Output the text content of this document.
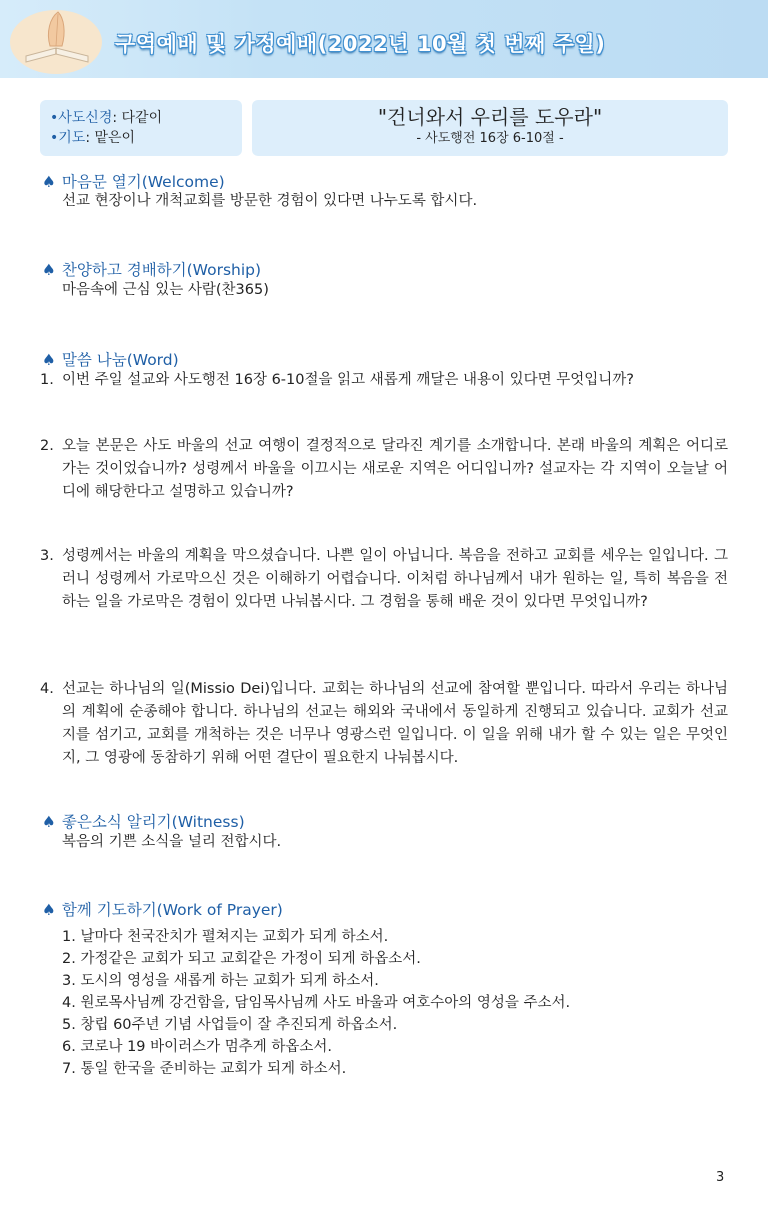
구역예배 및 가정예배(2022년 10월 첫 번째 주일)
•사도신경: 다같이
•기도: 맡은이
"건너와서 우리를 도우라"
- 사도행전 16장 6-10절 -
♠ 마음문 열기(Welcome)
선교 현장이나 개척교회를 방문한 경험이 있다면 나누도록 합시다.
♠ 찬양하고 경배하기(Worship)
마음속에 근심 있는 사람(찬365)
♠ 말씀 나눔(Word)
1. 이번 주일 설교와 사도행전 16장 6-10절을 읽고 새롭게 깨달은 내용이 있다면 무엇입니까?
2. 오늘 본문은 사도 바울의 선교 여행이 결정적으로 달라진 계기를 소개합니다. 본래 바울의 계획은 어디로 가는 것이었습니까? 성령께서 바울을 이끄시는 새로운 지역은 어디입니까? 설교자는 각 지역이 오늘날 어디에 해당한다고 설명하고 있습니까?
3. 성령께서는 바울의 계획을 막으셨습니다. 나쁜 일이 아닙니다. 복음을 전하고 교회를 세우는 일입니다. 그러니 성령께서 가로막으신 것은 이해하기 어렵습니다. 이처럼 하나님께서 내가 원하는 일, 특히 복음을 전하는 일을 가로막은 경험이 있다면 나눠봅시다. 그 경험을 통해 배운 것이 있다면 무엇입니까?
4. 선교는 하나님의 일(Missio Dei)입니다. 교회는 하나님의 선교에 참여할 뿐입니다. 따라서 우리는 하나님의 계획에 순종해야 합니다. 하나님의 선교는 해외와 국내에서 동일하게 진행되고 있습니다. 교회가 선교지를 섬기고, 교회를 개척하는 것은 너무나 영광스런 일입니다. 이 일을 위해 내가 할 수 있는 일은 무엇인지, 그 영광에 동참하기 위해 어떤 결단이 필요한지 나눠봅시다.
♠ 좋은소식 알리기(Witness)
복음의 기쁜 소식을 널리 전합시다.
♠ 함께 기도하기(Work of Prayer)
1. 날마다 천국잔치가 펼쳐지는 교회가 되게 하소서.
2. 가정같은 교회가 되고 교회같은 가정이 되게 하옵소서.
3. 도시의 영성을 새롭게 하는 교회가 되게 하소서.
4. 원로목사님께 강건함을, 담임목사님께 사도 바울과 여호수아의 영성을 주소서.
5. 창립 60주년 기념 사업들이 잘 추진되게 하옵소서.
6. 코로나 19 바이러스가 멈추게 하옵소서.
7. 통일 한국을 준비하는 교회가 되게 하소서.
3
